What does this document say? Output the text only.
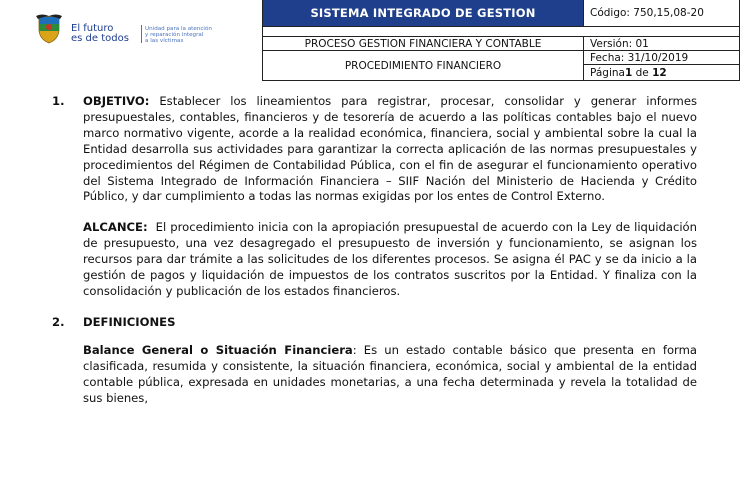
El futuro
es de todos
Unidad para la atención
y reparación integral
a las víctimas
SISTEMA INTEGRADO DE GESTION	Código: 750,15,08-20
PROCESO GESTION FINANCIERA Y CONTABLE
PROCEDIMIENTO FINANCIERO
Versión: 01
Fecha: 31/10/2019
Página 1 de 12
1. OBJETIVO: Establecer los lineamientos para registrar, procesar, consolidar y generar informes presupuestales, contables, financieros y de tesorería de acuerdo a las políticas contables bajo el nuevo marco normativo vigente, acorde a la realidad económica, financiera, social y ambiental sobre la cual la Entidad desarrolla sus actividades para garantizar la correcta aplicación de las normas presupuestales y procedimientos del Régimen de Contabilidad Pública, con el fin de asegurar el funcionamiento operativo del Sistema Integrado de Información Financiera – SIIF Nación del Ministerio de Hacienda y Crédito Público, y dar cumplimiento a todas las normas exigidas por los entes de Control Externo.
ALCANCE:  El procedimiento inicia con la apropiación presupuestal de acuerdo con la Ley de liquidación de presupuesto, una vez desagregado el presupuesto de inversión y funcionamiento, se asignan los recursos para dar trámite a las solicitudes de los diferentes procesos. Se asigna él PAC y se da inicio a la gestión de pagos y liquidación de impuestos de los contratos suscritos por la Entidad. Y finaliza con la consolidación y publicación de los estados financieros.
2. DEFINICIONES
Balance General o Situación Financiera: Es un estado contable básico que presenta en forma clasificada, resumida y consistente, la situación financiera, económica, social y ambiental de la entidad contable pública, expresada en unidades monetarias, a una fecha determinada y revela la totalidad de sus bienes,
